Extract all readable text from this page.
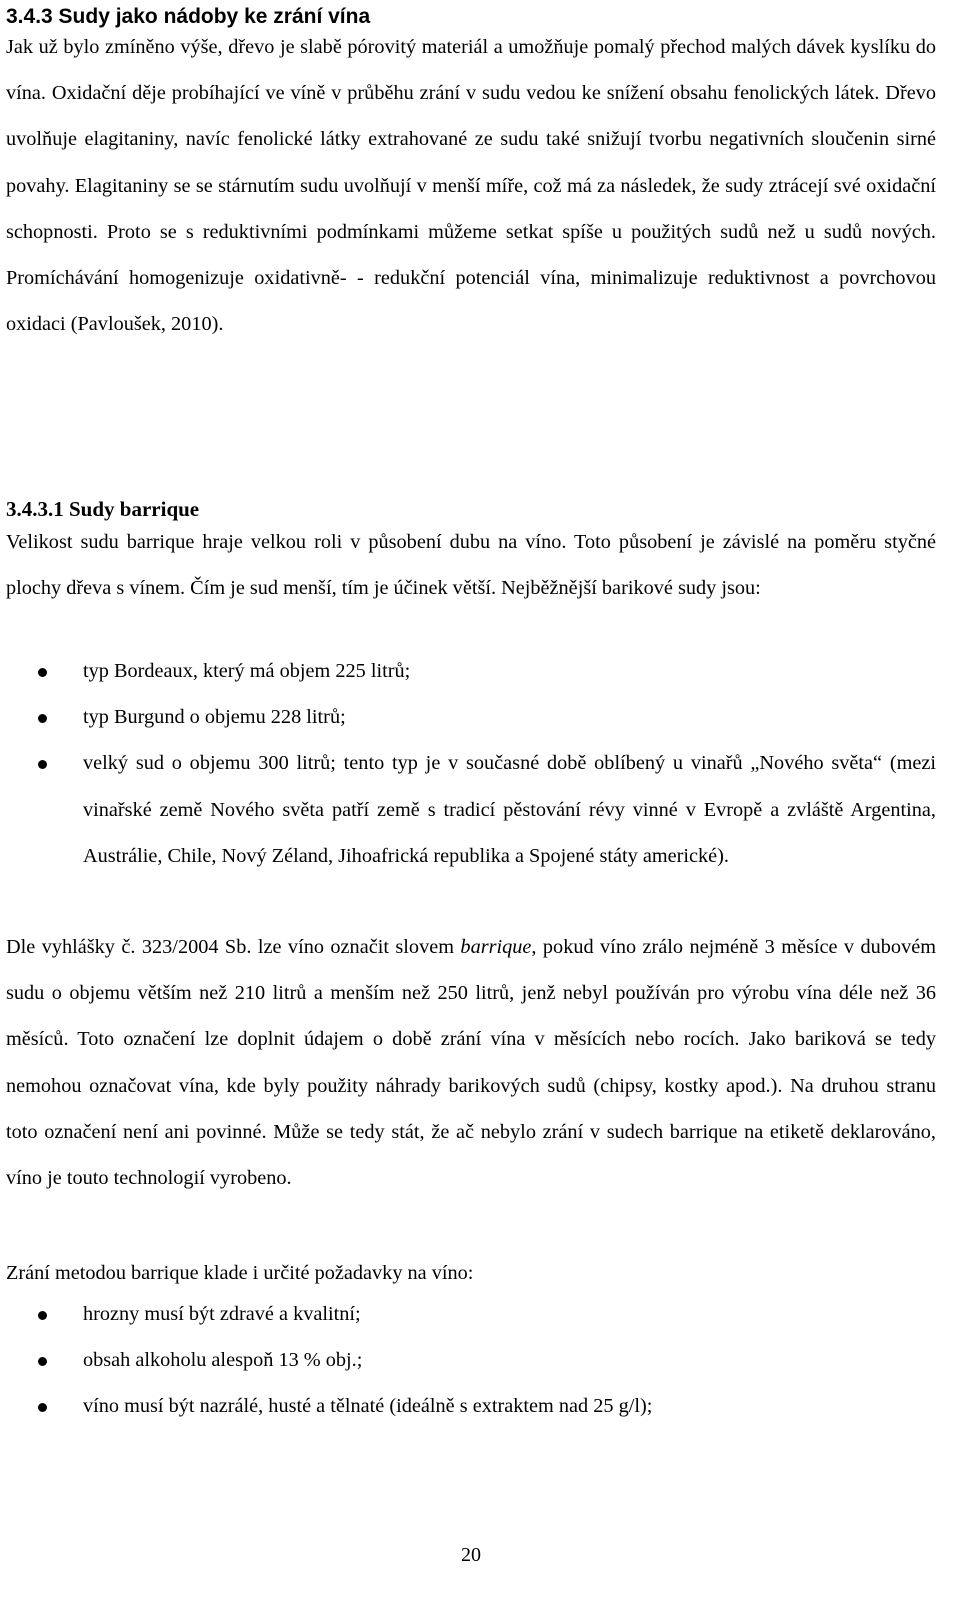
3.4.3 Sudy jako nádoby ke zrání vína

Jak už bylo zmíněno výše, dřevo je slabě pórovitý materiál a umožňuje pomalý přechod malých dávek kyslíku do vína. Oxidační děje probíhající ve víně v průběhu zrání v sudu vedou ke snížení obsahu fenolických látek. Dřevo uvolňuje elagitaniny, navíc fenolické látky extrahované ze sudu také snižují tvorbu negativních sloučenin sirné povahy. Elagitaniny se se stárnutím sudu uvolňují v menší míře, což má za následek, že sudy ztrácejí své oxidační schopnosti. Proto se s reduktivními podmínkami můžeme setkat spíše u použitých sudů než u sudů nových. Promíchávání homogenizuje oxidativně- - redukční potenciál vína, minimalizuje reduktivnost a povrchovou oxidaci (Pavloušek, 2010).

3.4.3.1 Sudy barrique

Velikost sudu barrique hraje velkou roli v působení dubu na víno. Toto působení je závislé na poměru styčné plochy dřeva s vínem. Čím je sud menší, tím je účinek větší. Nejběžnější barikové sudy jsou:

typ Bordeaux, který má objem 225 litrů;
typ Burgund o objemu 228 litrů;
velký sud o objemu 300 litrů; tento typ je v současné době oblíbený u vinařů „Nového světa“ (mezi vinařské země Nového světa patří země s tradicí pěstování révy vinné v Evropě a zvláště Argentina, Austrálie, Chile, Nový Zéland, Jihoafrická republika a Spojené státy americké).

Dle vyhlášky č. 323/2004 Sb. lze víno označit slovem barrique, pokud víno zrálo nejméně 3 měsíce v dubovém sudu o objemu větším než 210 litrů a menším než 250 litrů, jenž nebyl používán pro výrobu vína déle než 36 měsíců. Toto označení lze doplnit údajem o době zrání vína v měsících nebo rocích. Jako bariková se tedy nemohou označovat vína, kde byly použity náhrady barikových sudů (chipsy, kostky apod.). Na druhou stranu toto označení není ani povinné. Může se tedy stát, že ač nebylo zrání v sudech barrique na etiketě deklarováno, víno je touto technologií vyrobeno.

Zrání metodou barrique klade i určité požadavky na víno:

hrozny musí být zdravé a kvalitní;
obsah alkoholu alespoň 13 % obj.;
víno musí být nazrálé, husté a tělnaté (ideálně s extraktem nad 25 g/l);
20
